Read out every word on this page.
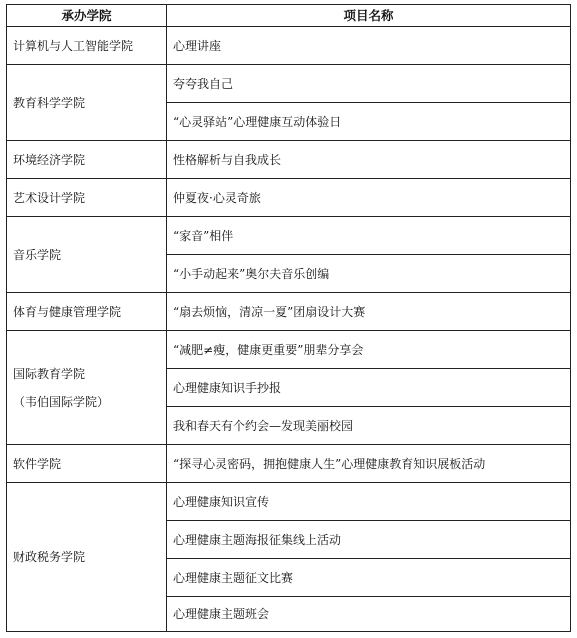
承办学院	项目名称
计算机与人工智能学院	心理讲座
教育科学学院	夸夸我自己
	“心灵驿站”心理健康互动体验日
环境经济学院	性格解析与自我成长
艺术设计学院	仲夏夜·心灵奇旅
音乐学院	“家音”相伴
	“小手动起来”奥尔夫音乐创编
体育与健康管理学院	“扇去烦恼，清凉一夏”团扇设计大赛

国际教育学院
（韦伯国际学院）	“减肥≠瘦，健康更重要”朋辈分享会
	心理健康知识手抄报
	我和春天有个约会—发现美丽校园
软件学院	“探寻心灵密码，拥抱健康人生”心理健康教育知识展板活动
财政税务学院	心理健康知识宣传
	心理健康主题海报征集线上活动
	心理健康主题征文比赛
	心理健康主题班会
